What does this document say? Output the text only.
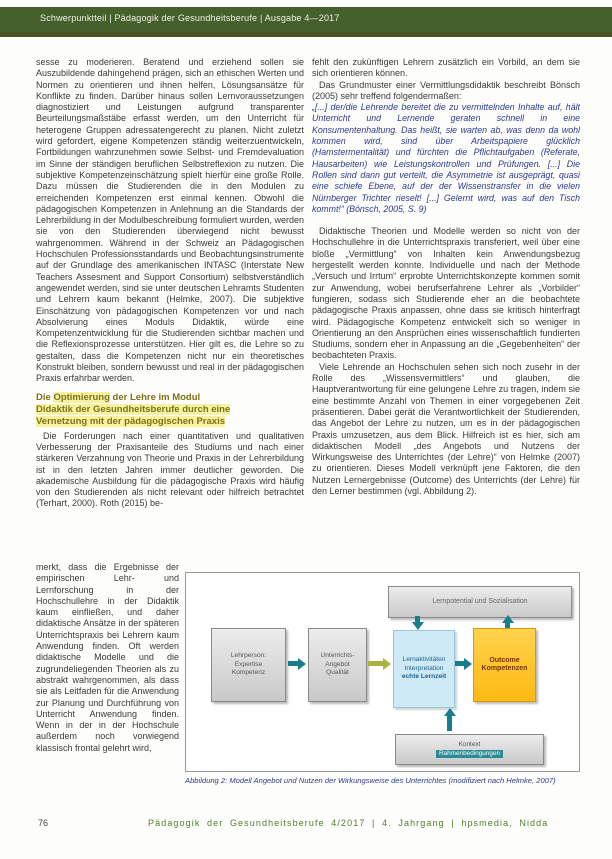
Schwerpunktteil | Pädagogik der Gesundheitsberufe | Ausgabe 4—2017

sesse zu moderieren. Beratend und erziehend sollen sie Auszubildende dahingehend prägen, sich an ethischen Werten und Normen zu orientieren und ihnen helfen, Lösungsansätze für Konflikte zu finden. Darüber hinaus sollen Lernvoraussetzungen diagnostiziert und Leistungen aufgrund transparenter Beurteilungsmaßstäbe erfasst werden, um den Unterricht für heterogene Gruppen adressatengerecht zu planen. Nicht zuletzt wird gefordert, eigene Kompetenzen ständig weiterzuentwickeln, Fortbildungen wahrzunehmen sowie Selbst- und Fremdevaluation im Sinne der ständigen beruflichen Selbstreflexion zu nutzen. Die subjektive Kompetenzeinschätzung spielt hierfür eine große Rolle. Dazu müssen die Studierenden die in den Modulen zu erreichenden Kompetenzen erst einmal kennen. Obwohl die pädagogischen Kompetenzen in Anlehnung an die Standards der Lehrerbildung in der Modulbeschreibung formuliert wurden, werden sie von den Studierenden überwiegend nicht bewusst wahrgenommen. Während in der Schweiz an Pädagogischen Hochschulen Professionsstandards und Beobachtungsinstrumente auf der Grundlage des amerikanischen INTASC (Interstate New Teachers Assesment and Support Consortium) selbstverständlich angewendet werden, sind sie unter deutschen Lehramts Studenten und Lehrern kaum bekannt (Helmke, 2007). Die subjektive Einschätzung von pädagogischen Kompetenzen vor und nach Absolvierung eines Moduls Didaktik, würde eine Kompetenzentwicklung für die Studierenden sichtbar machen und die Reflexionsprozesse unterstützen. Hier gilt es, die Lehre so zu gestalten, dass die Kompetenzen nicht nur ein theoretisches Konstrukt bleiben, sondern bewusst und real in der pädagogischen Praxis erfahrbar werden.

Die Optimierung der Lehre im Modul
Didaktik der Gesundheitsberufe durch eine
Vernetzung mit der pädagogischen Praxis

Die Forderungen nach einer quantitativen und qualitativen Verbesserung der Praxisanteile des Studiums und nach einer stärkeren Verzahnung von Theorie und Praxis in der Lehrerbildung ist in den letzten Jahren immer deutlicher geworden. Die akademische Ausbildung für die pädagogische Praxis wird häufig von den Studierenden als nicht relevant oder hilfreich betrachtet (Terhart, 2000). Roth (2015) be-

merkt, dass die Ergebnisse der empirischen Lehr- und Lernforschung in der Hochschullehre in der Didaktik kaum einfließen, und daher didaktische Ansätze in der späteren Unterrichtspraxis bei Lehrern kaum Anwendung finden. Oft werden didaktische Modelle und die zugrundeliegenden Theorien als zu abstrakt wahrgenommen, als dass sie als Leitfaden für die Anwendung zur Planung und Durchführung von Unterricht Anwendung finden. Wenn in der in der Hochschule außerdem noch vorwiegend klassisch frontal gelehrt wird,

fehlt den zukünftigen Lehrern zusätzlich ein Vorbild, an dem sie sich orientieren können.

Das Grundmuster einer Vermittlungsdidaktik beschreibt Bönsch (2005) sehr treffend folgendermaßen:

„[...] der/die Lehrende bereitet die zu vermittelnden Inhalte auf, hält Unterricht und Lernende geraten schnell in eine Konsumentenhaltung. Das heißt, sie warten ab, was denn da wohl kommen wird, sind über Arbeitspapiere glücklich (Hamstermentalität) und fürchten die Pflichtaufgaben (Referate, Hausarbeiten) wie Leistungskontrollen und Prüfungen. [...] Die Rollen sind dann gut verteilt, die Asymmetrie ist ausgeprägt, quasi eine schiefe Ebene, auf der der Wissenstransfer in die vielen Nürnberger Trichter rieselt! [...] Gelernt wird, was auf den Tisch kommt!“ (Bönsch, 2005, S. 9)

Didaktische Theorien und Modelle werden so nicht von der Hochschullehre in die Unterrichtspraxis transferiert, weil über eine bloße „Vermittlung“ von Inhalten kein Anwendungsbezug hergestellt werden konnte. Individuelle und nach der Methode „Versuch und Irrtum“ erprobte Unterrichtskonzepte kommen somit zur Anwendung, wobei berufserfahrene Lehrer als „Vorbilder“ fungieren, sodass sich Studierende eher an die beobachtete pädagogische Praxis anpassen, ohne dass sie kritisch hinterfragt wird. Pädagogische Kompetenz entwickelt sich so weniger in Orientierung an den Ansprüchen eines wissenschaftlich fundierten Studiums, sondern eher in Anpassung an die „Gegebenheiten“ der beobachteten Praxis.

Viele Lehrende an Hochschulen sehen sich noch zusehr in der Rolle des „Wissensvermittlers“ und glauben, die Hauptverantwortung für eine gelungene Lehre zu tragen, indem sie eine bestimmte Anzahl von Themen in einer vorgegebenen Zeit präsentieren. Dabei gerät die Verantwortlichkeit der Studierenden, das Angebot der Lehre zu nutzen, um es in der pädagogischen Praxis umzusetzen, aus dem Blick. Hilfreich ist es hier, sich am didaktischen Modell „des Angebots und Nutzens der Wirkungsweise des Unterrichtes (der Lehre)“ von Helmke (2007) zu orientieren. Dieses Modell verknüpft jene Faktoren, die den Nutzen Lernergebnisse (Outcome) des Unterrichts (der Lehre) für den Lerner bestimmen (vgl. Abbildung 2).

Lernpotential und Sozialisation
Lehrperson:
Expertise
Kompetenz
Unterrichts-
Angebot
Qualität
Lernaktivitäten
Interpretation
echte Lernzeit
Outcome
Kompetenzen
Kontext
Rahmenbedingungen
Abbildung 2: Modell Angebot und Nutzen der Wirkungsweise des Unterrichtes (modifiziert nach Helmke, 2007)
76	Pädagogik der Gesundheitsberufe 4/2017 | 4. Jahrgang | hpsmedia, Nidda
